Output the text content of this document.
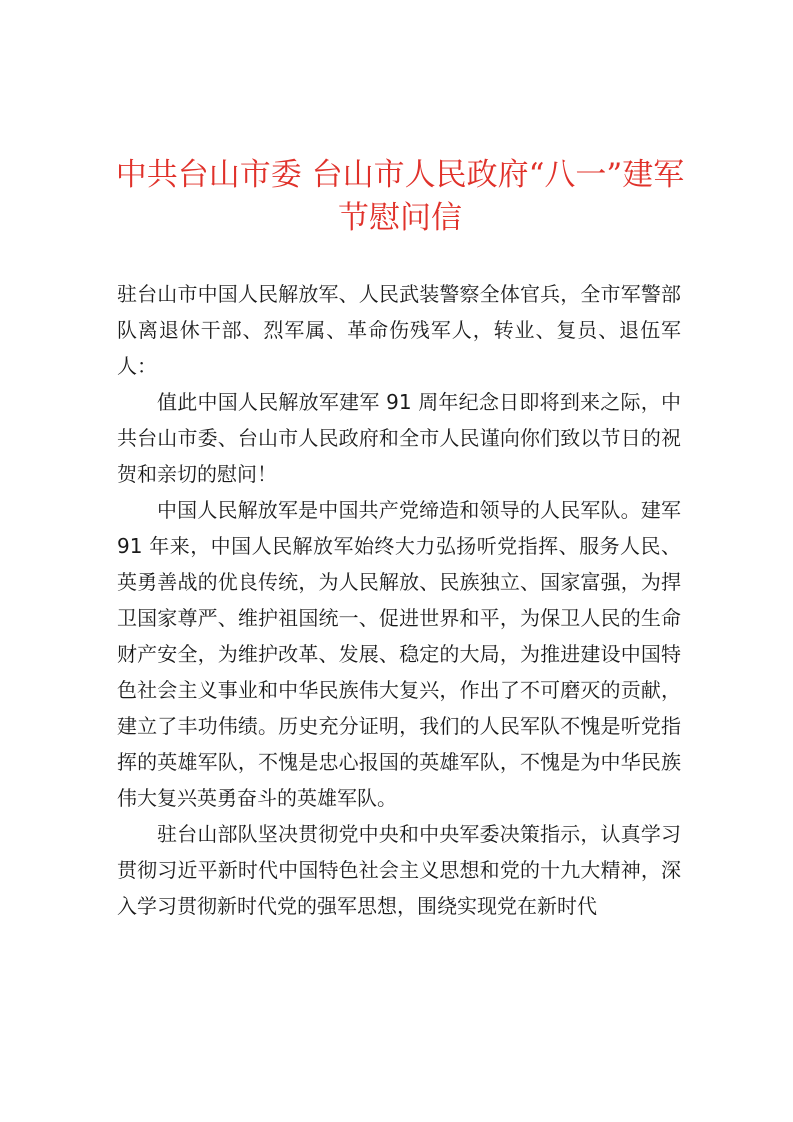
中共台山市委 台山市人民政府“八一”建军
节慰问信

驻台山市中国人民解放军、人民武装警察全体官兵，全市军警部队离退休干部、烈军属、革命伤残军人，转业、复员、退伍军人：

值此中国人民解放军建军 91 周年纪念日即将到来之际，中共台山市委、台山市人民政府和全市人民谨向你们致以节日的祝贺和亲切的慰问！

中国人民解放军是中国共产党缔造和领导的人民军队。建军 91 年来，中国人民解放军始终大力弘扬听党指挥、服务人民、英勇善战的优良传统，为人民解放、民族独立、国家富强，为捍卫国家尊严、维护祖国统一、促进世界和平，为保卫人民的生命财产安全，为维护改革、发展、稳定的大局，为推进建设中国特色社会主义事业和中华民族伟大复兴，作出了不可磨灭的贡献，建立了丰功伟绩。历史充分证明，我们的人民军队不愧是听党指挥的英雄军队，不愧是忠心报国的英雄军队，不愧是为中华民族伟大复兴英勇奋斗的英雄军队。

驻台山部队坚决贯彻党中央和中央军委决策指示，认真学习贯彻习近平新时代中国特色社会主义思想和党的十九大精神，深入学习贯彻新时代党的强军思想，围绕实现党在新时代
